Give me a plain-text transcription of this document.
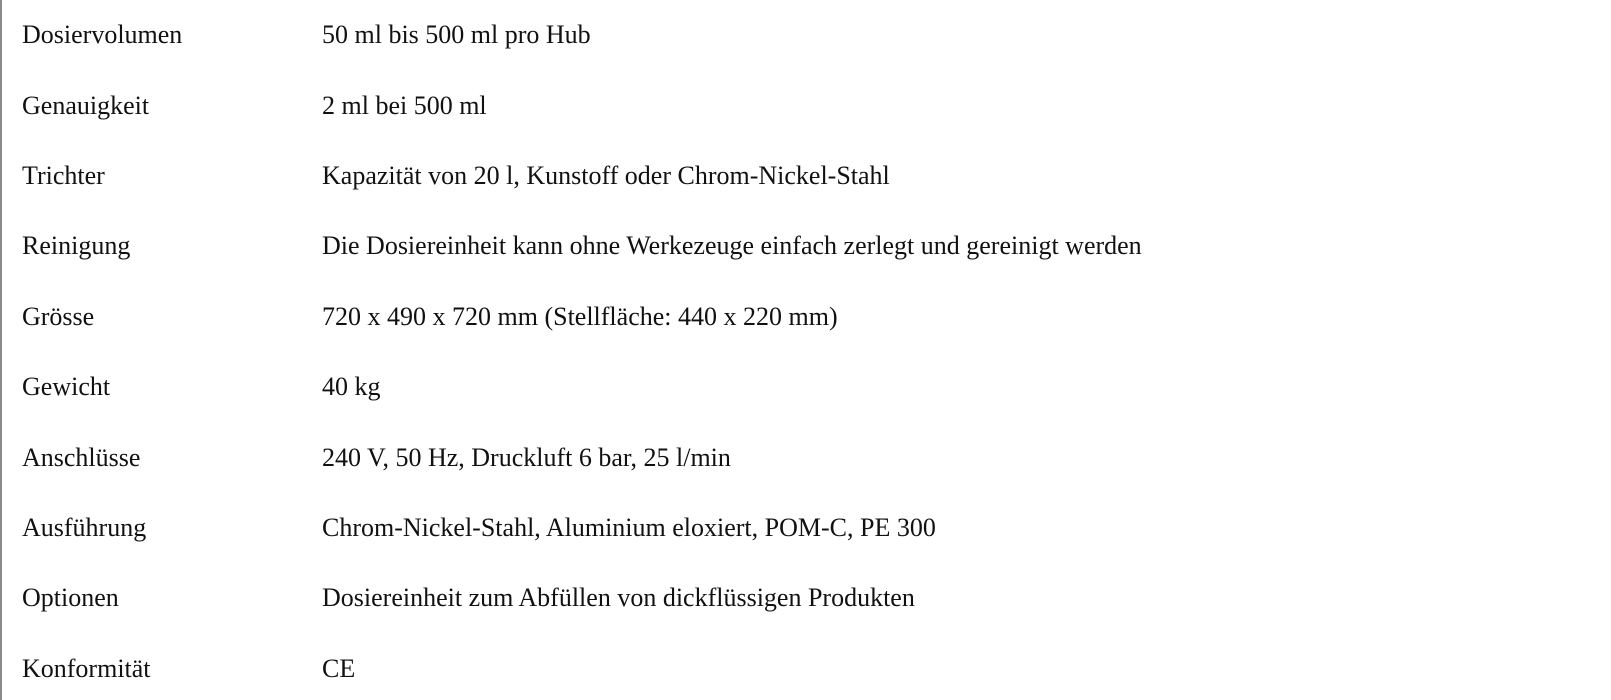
Dosiervolumen	50 ml bis 500 ml pro Hub
Genauigkeit	2 ml bei 500 ml
Trichter	Kapazität von 20 l, Kunstoff oder Chrom-Nickel-Stahl
Reinigung	Die Dosiereinheit kann ohne Werkezeuge einfach zerlegt und gereinigt werden
Grösse	720 x 490 x 720 mm (Stellfläche: 440 x 220 mm)
Gewicht	40 kg
Anschlüsse	240 V, 50 Hz, Druckluft 6 bar, 25 l/min
Ausführung	Chrom-Nickel-Stahl, Aluminium eloxiert, POM-C, PE 300
Optionen	Dosiereinheit zum Abfüllen von dickflüssigen Produkten
Konformität	CE
